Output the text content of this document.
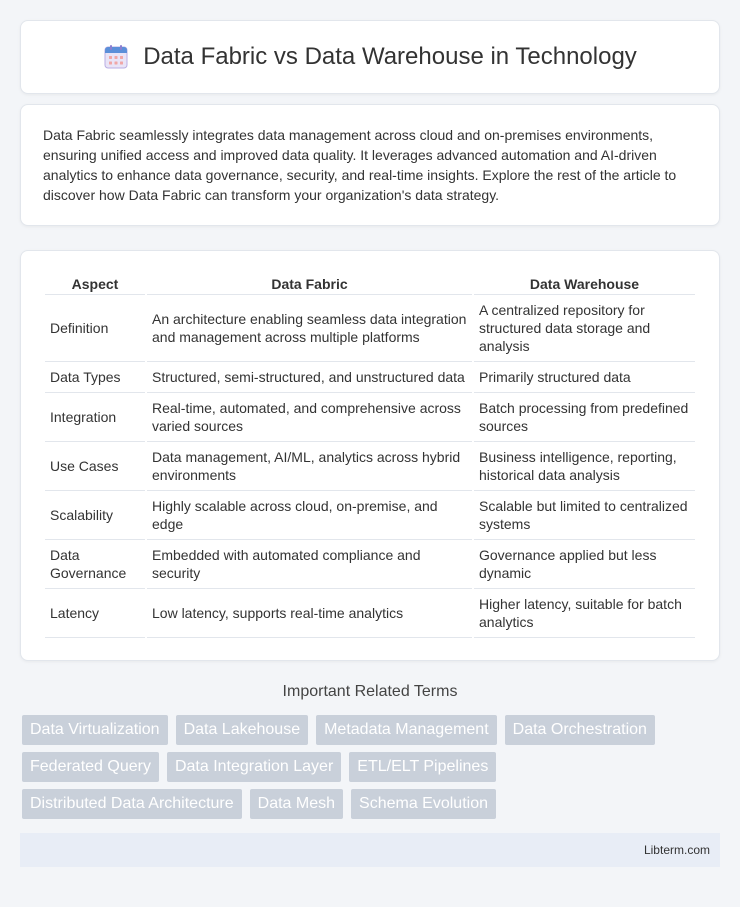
Data Fabric vs Data Warehouse in Technology

Data Fabric seamlessly integrates data management across cloud and on-premises environments, ensuring unified access and improved data quality. It leverages advanced automation and AI-driven analytics to enhance data governance, security, and real-time insights. Explore the rest of the article to discover how Data Fabric can transform your organization's data strategy.

Aspect	Data Fabric	Data Warehouse
Definition	An architecture enabling seamless data integration and management across multiple platforms	A centralized repository for structured data storage and analysis
Data Types	Structured, semi-structured, and unstructured data	Primarily structured data
Integration	Real-time, automated, and comprehensive across varied sources	Batch processing from predefined sources
Use Cases	Data management, AI/ML, analytics across hybrid environments	Business intelligence, reporting, historical data analysis
Scalability	Highly scalable across cloud, on-premise, and edge	Scalable but limited to centralized systems
Data Governance	Embedded with automated compliance and security	Governance applied but less dynamic
Latency	Low latency, supports real-time analytics	Higher latency, suitable for batch analytics
Important Related Terms
Data Virtualization	Data Lakehouse	Metadata Management	Data Orchestration
Federated Query	Data Integration Layer	ETL/ELT Pipelines
Distributed Data Architecture	Data Mesh	Schema Evolution
Libterm.com
